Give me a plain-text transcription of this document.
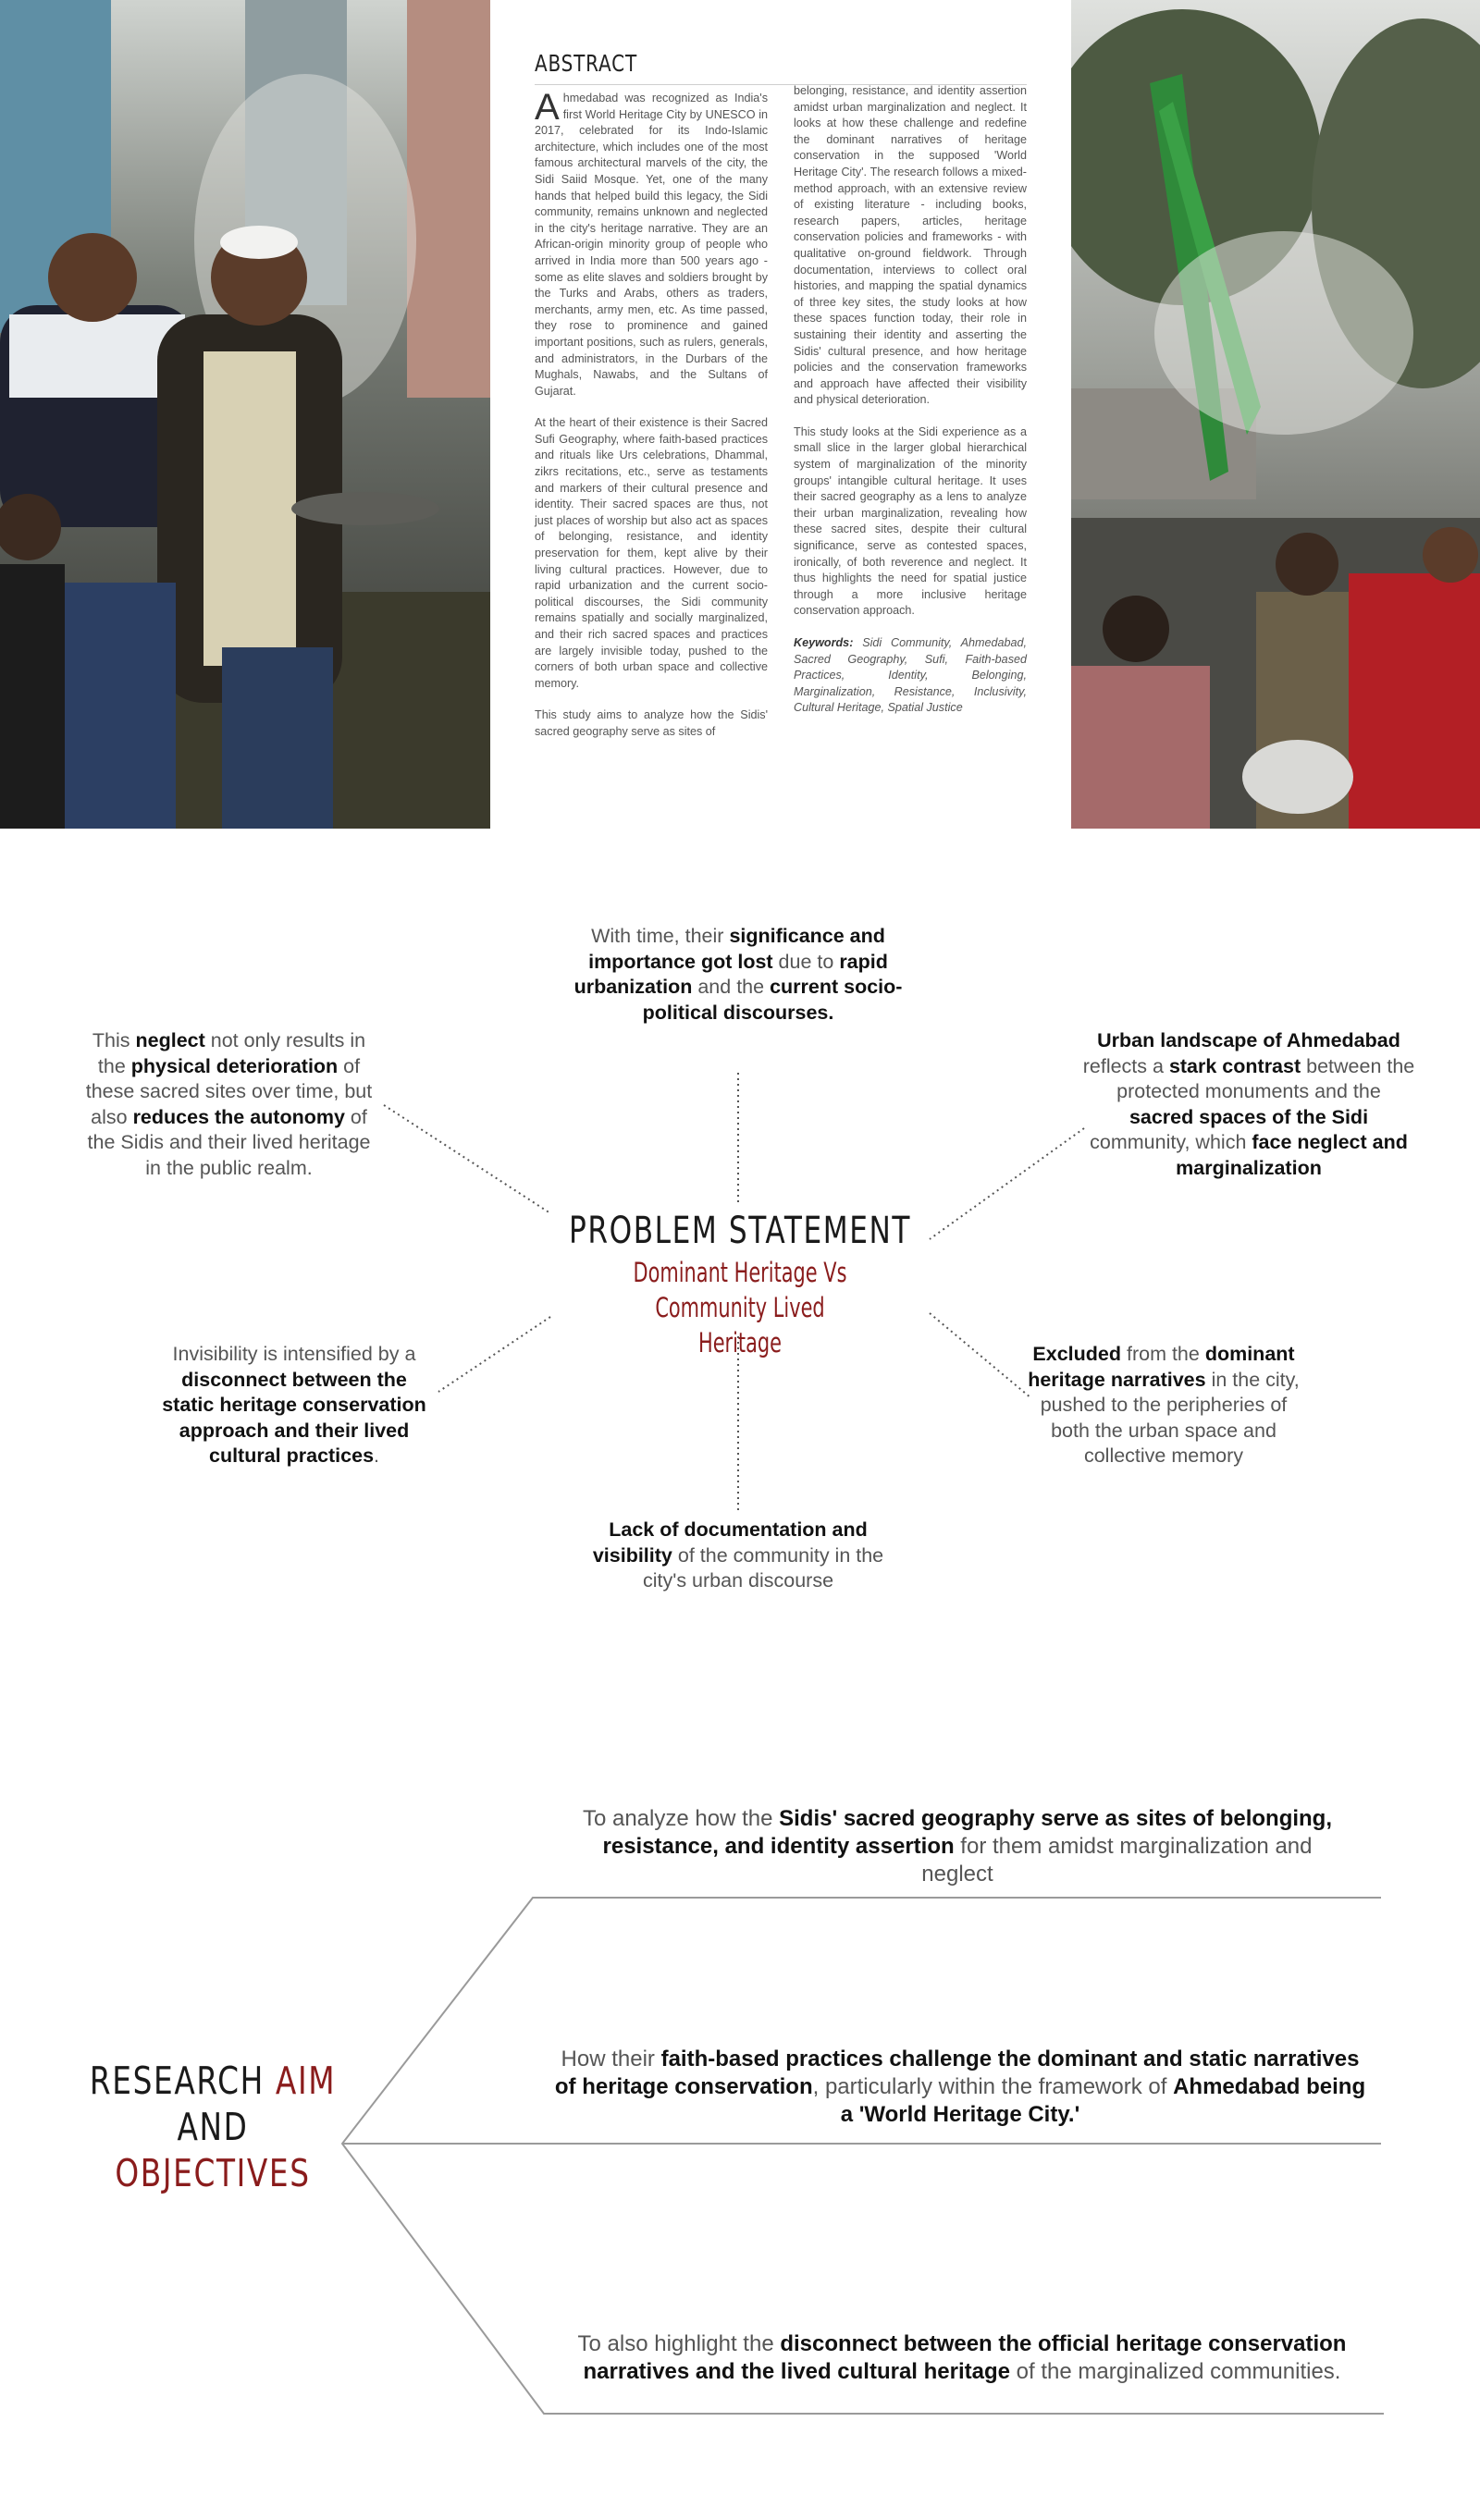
ABSTRACT

Ahmedabad was recognized as India's first World Heritage City by UNESCO in 2017, celebrated for its Indo-Islamic architecture, which includes one of the most famous architectural marvels of the city, the Sidi Saiid Mosque. Yet, one of the many hands that helped build this legacy, the Sidi community, remains unknown and neglected in the city's heritage narrative. They are an African-origin minority group of people who arrived in India more than 500 years ago - some as elite slaves and soldiers brought by the Turks and Arabs, others as traders, merchants, army men, etc. As time passed, they rose to prominence and gained important positions, such as rulers, generals, and administrators, in the Durbars of the Mughals, Nawabs, and the Sultans of Gujarat.

At the heart of their existence is their Sacred Sufi Geography, where faith-based practices and rituals like Urs celebrations, Dhammal, zikrs recitations, etc., serve as testaments and markers of their cultural presence and identity. Their sacred spaces are thus, not just places of worship but also act as spaces of belonging, resistance, and identity preservation for them, kept alive by their living cultural practices. However, due to rapid urbanization and the current socio-political discourses, the Sidi community remains spatially and socially marginalized, and their rich sacred spaces and practices are largely invisible today, pushed to the corners of both urban space and collective memory.

This study aims to analyze how the Sidis' sacred geography serve as sites of

belonging, resistance, and identity assertion amidst urban marginalization and neglect. It looks at how these challenge and redefine the dominant narratives of heritage conservation in the supposed 'World Heritage City'. The research follows a mixed-method approach, with an extensive review of existing literature - including books, research papers, articles, heritage conservation policies and frameworks - with qualitative on-ground fieldwork. Through documentation, interviews to collect oral histories, and mapping the spatial dynamics of three key sites, the study looks at how these spaces function today, their role in sustaining their identity and asserting the Sidis' cultural presence, and how heritage policies and the conservation frameworks and approach have affected their visibility and physical deterioration.

This study looks at the Sidi experience as a small slice in the larger global hierarchical system of marginalization of the minority groups' intangible cultural heritage. It uses their sacred geography as a lens to analyze their urban marginalization, revealing how these sacred sites, despite their cultural significance, serve as contested spaces, ironically, of both reverence and neglect. It thus highlights the need for spatial justice through a more inclusive heritage conservation approach.

Keywords: Sidi Community, Ahmedabad, Sacred Geography, Sufi, Faith-based Practices, Identity, Belonging, Marginalization, Resistance, Inclusivity, Cultural Heritage, Spatial Justice

With time, their significance and importance got lost due to rapid urbanization and the current socio-political discourses.
This neglect not only results in the physical deterioration of these sacred sites over time, but also reduces the autonomy of the Sidis and their lived heritage in the public realm.
Urban landscape of Ahmedabad reflects a stark contrast between the protected monuments and the sacred spaces of the Sidi community, which face neglect and marginalization
PROBLEM STATEMENT
Dominant Heritage Vs Community Lived
Heritage
Invisibility is intensified by a disconnect between the static heritage conservation approach and their lived cultural practices.
Excluded from the dominant heritage narratives in the city, pushed to the peripheries of both the urban space and collective memory
Lack of documentation and visibility of the community in the city's urban discourse
RESEARCH AIM AND
OBJECTIVES
To analyze how the Sidis' sacred geography serve as sites of belonging, resistance, and identity assertion for them amidst marginalization and neglect
How their faith-based practices challenge the dominant and static narratives of heritage conservation, particularly within the framework of Ahmedabad being a 'World Heritage City.'
To also highlight the disconnect between the official heritage conservation narratives and the lived cultural heritage of the marginalized communities.
